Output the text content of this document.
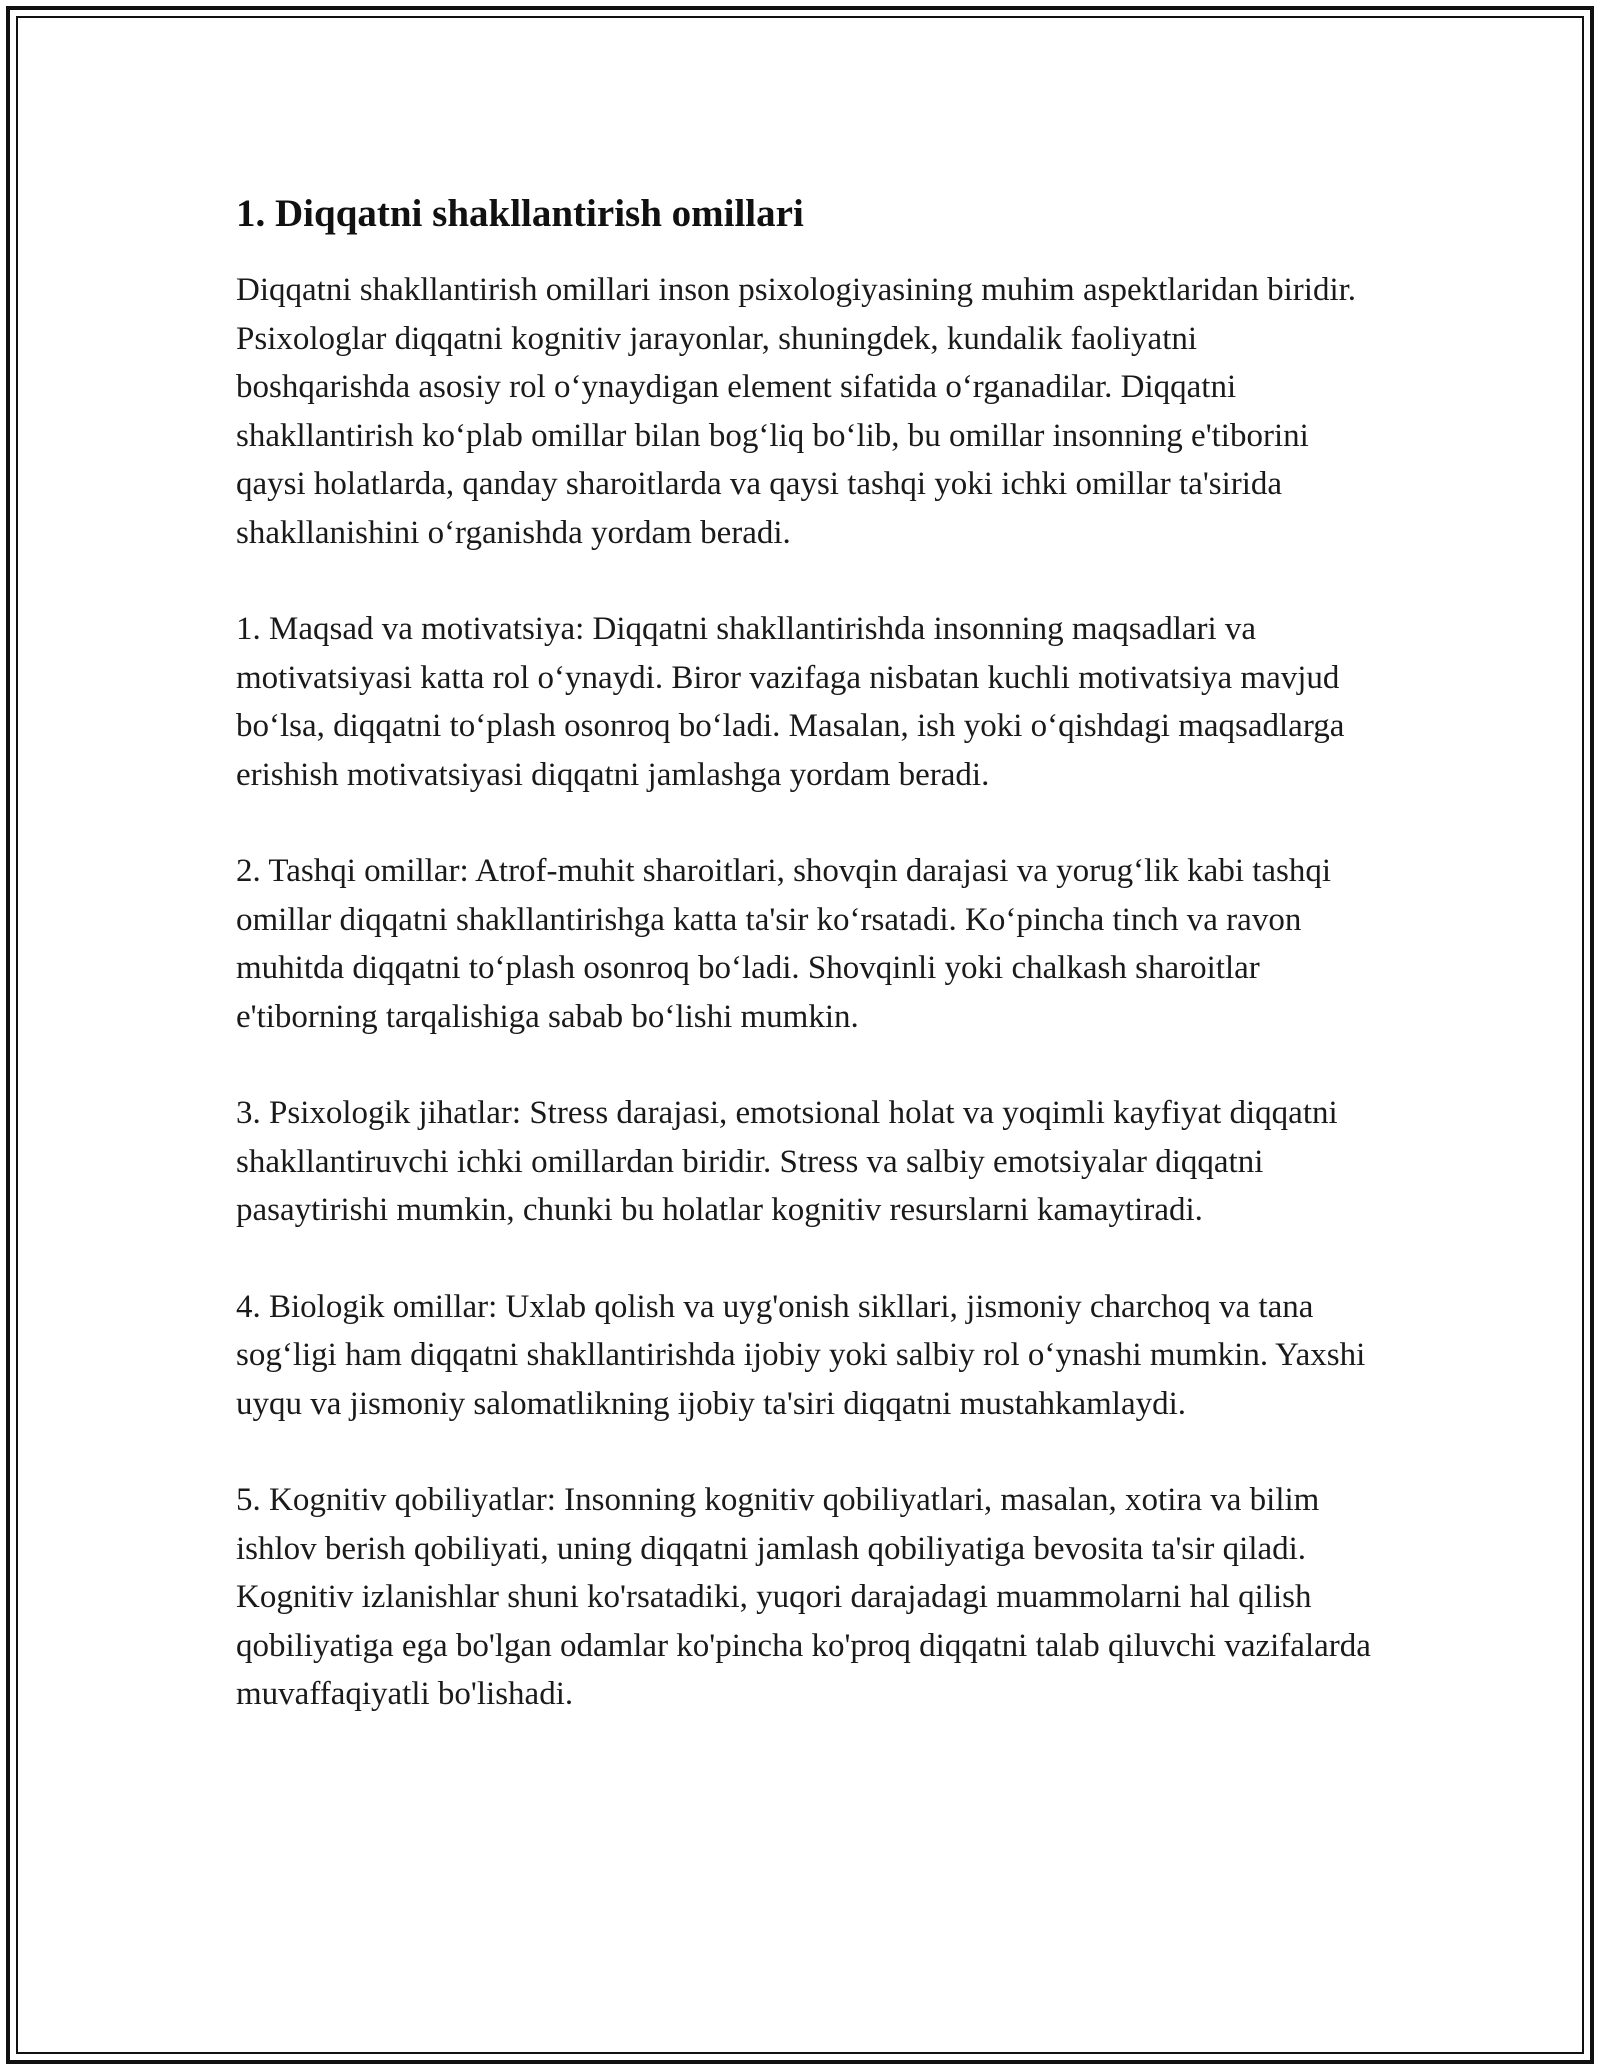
1. Diqqatni shakllantirish omillari

Diqqatni shakllantirish omillari inson psixologiyasining muhim aspektlaridan biridir. Psixologlar diqqatni kognitiv jarayonlar, shuningdek, kundalik faoliyatni boshqarishda asosiy rol o‘ynaydigan element sifatida o‘rganadilar. Diqqatni shakllantirish ko‘plab omillar bilan bog‘liq bo‘lib, bu omillar insonning e'tiborini qaysi holatlarda, qanday sharoitlarda va qaysi tashqi yoki ichki omillar ta'sirida shakllanishini o‘rganishda yordam beradi.

1. Maqsad va motivatsiya: Diqqatni shakllantirishda insonning maqsadlari va motivatsiyasi katta rol o‘ynaydi. Biror vazifaga nisbatan kuchli motivatsiya mavjud bo‘lsa, diqqatni to‘plash osonroq bo‘ladi. Masalan, ish yoki o‘qishdagi maqsadlarga erishish motivatsiyasi diqqatni jamlashga yordam beradi.

2. Tashqi omillar: Atrof-muhit sharoitlari, shovqin darajasi va yorug‘lik kabi tashqi omillar diqqatni shakllantirishga katta ta'sir ko‘rsatadi. Ko‘pincha tinch va ravon muhitda diqqatni to‘plash osonroq bo‘ladi. Shovqinli yoki chalkash sharoitlar e'tiborning tarqalishiga sabab bo‘lishi mumkin.

3. Psixologik jihatlar: Stress darajasi, emotsional holat va yoqimli kayfiyat diqqatni shakllantiruvchi ichki omillardan biridir. Stress va salbiy emotsiyalar diqqatni pasaytirishi mumkin, chunki bu holatlar kognitiv resurslarni kamaytiradi.

4. Biologik omillar: Uxlab qolish va uyg'onish sikllari, jismoniy charchoq va tana sog‘ligi ham diqqatni shakllantirishda ijobiy yoki salbiy rol o‘ynashi mumkin. Yaxshi uyqu va jismoniy salomatlikning ijobiy ta'siri diqqatni mustahkamlaydi.

5. Kognitiv qobiliyatlar: Insonning kognitiv qobiliyatlari, masalan, xotira va bilim ishlov berish qobiliyati, uning diqqatni jamlash qobiliyatiga bevosita ta'sir qiladi. Kognitiv izlanishlar shuni ko'rsatadiki, yuqori darajadagi muammolarni hal qilish qobiliyatiga ega bo'lgan odamlar ko'pincha ko'proq diqqatni talab qiluvchi vazifalarda muvaffaqiyatli bo'lishadi.
